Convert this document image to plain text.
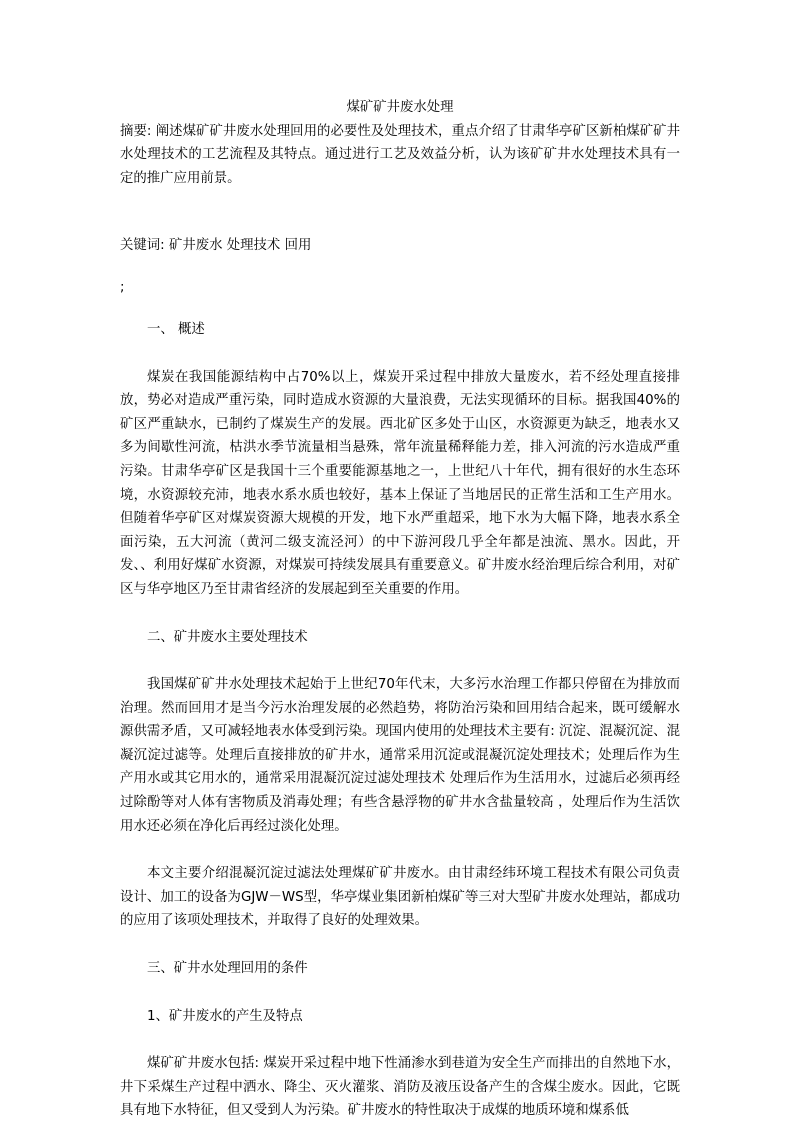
煤矿矿井废水处理

摘要: 阐述煤矿矿井废水处理回用的必要性及处理技术，重点介绍了甘肃华亭矿区新柏煤矿矿井水处理技术的工艺流程及其特点。通过进行工艺及效益分析，认为该矿矿井水处理技术具有一定的推广应用前景。

关键词: 矿井废水 处理技术 回用

;

一、 概述

煤炭在我国能源结构中占70%以上，煤炭开采过程中排放大量废水，若不经处理直接排放，势必对造成严重污染，同时造成水资源的大量浪费，无法实现循环的目标。据我国40%的矿区严重缺水，已制约了煤炭生产的发展。西北矿区多处于山区，水资源更为缺乏，地表水又多为间歇性河流，枯洪水季节流量相当悬殊，常年流量稀释能力差，排入河流的污水造成严重污染。甘肃华亭矿区是我国十三个重要能源基地之一，上世纪八十年代，拥有很好的水生态环境，水资源较充沛，地表水系水质也较好，基本上保证了当地居民的正常生活和工生产用水。但随着华亭矿区对煤炭资源大规模的开发，地下水严重超采，地下水为大幅下降，地表水系全面污染，五大河流（黄河二级支流泾河）的中下游河段几乎全年都是浊流、黑水。因此，开发、、利用好煤矿水资源，对煤炭可持续发展具有重要意义。矿井废水经治理后综合利用，对矿区与华亭地区乃至甘肃省经济的发展起到至关重要的作用。

二、矿井废水主要处理技术

我国煤矿矿井水处理技术起始于上世纪70年代末，大多污水治理工作都只停留在为排放而治理。然而回用才是当今污水治理发展的必然趋势，将防治污染和回用结合起来，既可缓解水源供需矛盾，又可减轻地表水体受到污染。现国内使用的处理技术主要有: 沉淀、混凝沉淀、混凝沉淀过滤等。处理后直接排放的矿井水，通常采用沉淀或混凝沉淀处理技术；处理后作为生产用水或其它用水的，通常采用混凝沉淀过滤处理技术 处理后作为生活用水，过滤后必须再经过除酚等对人体有害物质及消毒处理；有些含悬浮物的矿井水含盐量较高 ，处理后作为生活饮用水还必须在净化后再经过淡化处理。

本文主要介绍混凝沉淀过滤法处理煤矿矿井废水。由甘肃经纬环境工程技术有限公司负责设计、加工的设备为GJW－WS型，华亭煤业集团新柏煤矿等三对大型矿井废水处理站，都成功的应用了该项处理技术，并取得了良好的处理效果。

三、矿井水处理回用的条件

1、矿井废水的产生及特点

煤矿矿井废水包括: 煤炭开采过程中地下性涌渗水到巷道为安全生产而排出的自然地下水，井下采煤生产过程中洒水、降尘、灭火灌浆、消防及液压设备产生的含煤尘废水。因此，它既具有地下水特征，但又受到人为污染。矿井废水的特性取决于成煤的地质环境和煤系低
